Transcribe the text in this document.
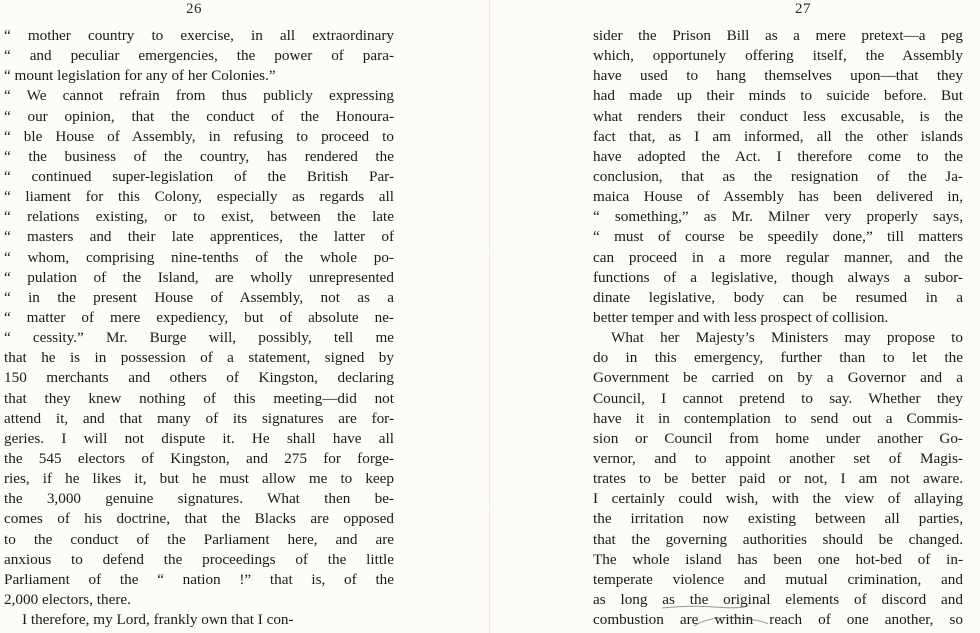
26
“ mother country to exercise, in all extraordinary
“ and peculiar emergencies, the power of para-
“ mount legislation for any of her Colonies.”
“ We cannot refrain from thus publicly expressing
“ our opinion, that the conduct of the Honoura-
“ ble House of Assembly, in refusing to proceed to
“ the business of the country, has rendered the
“ continued super-legislation of the British Par-
“ liament for this Colony, especially as regards all
“ relations existing, or to exist, between the late
“ masters and their late apprentices, the latter of
“ whom, comprising nine-tenths of the whole po-
“ pulation of the Island, are wholly unrepresented
“ in the present House of Assembly, not as a
“ matter of mere expediency, but of absolute ne-
“ cessity.” Mr. Burge will, possibly, tell me
that he is in possession of a statement, signed by
150 merchants and others of Kingston, declaring
that they knew nothing of this meeting—did not
attend it, and that many of its signatures are for-
geries. I will not dispute it. He shall have all
the 545 electors of Kingston, and 275 for forge-
ries, if he likes it, but he must allow me to keep
the 3,000 genuine signatures. What then be-
comes of his doctrine, that the Blacks are opposed
to the conduct of the Parliament here, and are
anxious to defend the proceedings of the little
Parliament of the “ nation !” that is, of the
2,000 electors, there.
I therefore, my Lord, frankly own that I con-
27
sider the Prison Bill as a mere pretext—a peg
which, opportunely offering itself, the Assembly
have used to hang themselves upon—that they
had made up their minds to suicide before. But
what renders their conduct less excusable, is the
fact that, as I am informed, all the other islands
have adopted the Act. I therefore come to the
conclusion, that as the resignation of the Ja-
maica House of Assembly has been delivered in,
“ something,” as Mr. Milner very properly says,
“ must of course be speedily done,” till matters
can proceed in a more regular manner, and the
functions of a legislative, though always a subor-
dinate legislative, body can be resumed in a
better temper and with less prospect of collision.
What her Majesty’s Ministers may propose to
do in this emergency, further than to let the
Government be carried on by a Governor and a
Council, I cannot pretend to say. Whether they
have it in contemplation to send out a Commis-
sion or Council from home under another Go-
vernor, and to appoint another set of Magis-
trates to be better paid or not, I am not aware.
I certainly could wish, with the view of allaying
the irritation now existing between all parties,
that the governing authorities should be changed.
The whole island has been one hot-bed of in-
temperate violence and mutual crimination, and
as long as the original elements of discord and
combustion are within reach of one another, so
